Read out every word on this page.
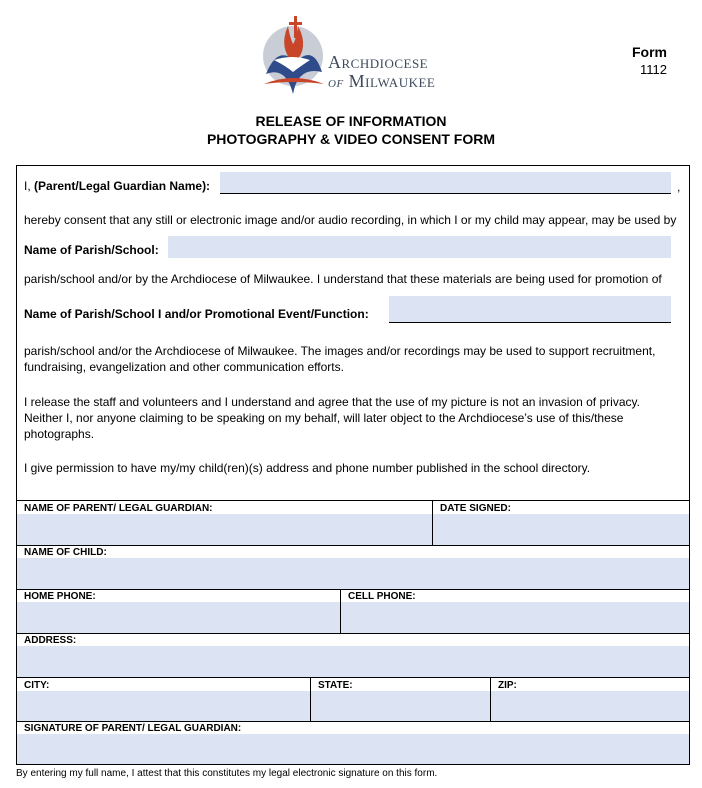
Archdiocese
of Milwaukee
Form
1112
RELEASE OF INFORMATION
PHOTOGRAPHY & VIDEO CONSENT FORM
I, (Parent/Legal Guardian Name):	,
hereby consent that any still or electronic image and/or audio recording, in which I or my child may appear, may be used by
Name of Parish/School:
parish/school and/or by the Archdiocese of Milwaukee. I understand that these materials are being used for promotion of
Name of Parish/School I and/or Promotional Event/Function:
parish/school and/or the Archdiocese of Milwaukee. The images and/or recordings may be used to support recruitment,
fundraising, evangelization and other communication efforts.
I release the staff and volunteers and I understand and agree that the use of my picture is not an invasion of privacy.
Neither I, nor anyone claiming to be speaking on my behalf, will later object to the Archdiocese’s use of this/these
photographs.
I give permission to have my/my child(ren)(s) address and phone number published in the school directory.
NAME OF PARENT/ LEGAL GUARDIAN:	DATE SIGNED:
NAME OF CHILD:
HOME PHONE:	CELL PHONE:
ADDRESS:
CITY:	STATE:	ZIP:
SIGNATURE OF PARENT/ LEGAL GUARDIAN:
By entering my full name, I attest that this constitutes my legal electronic signature on this form.
